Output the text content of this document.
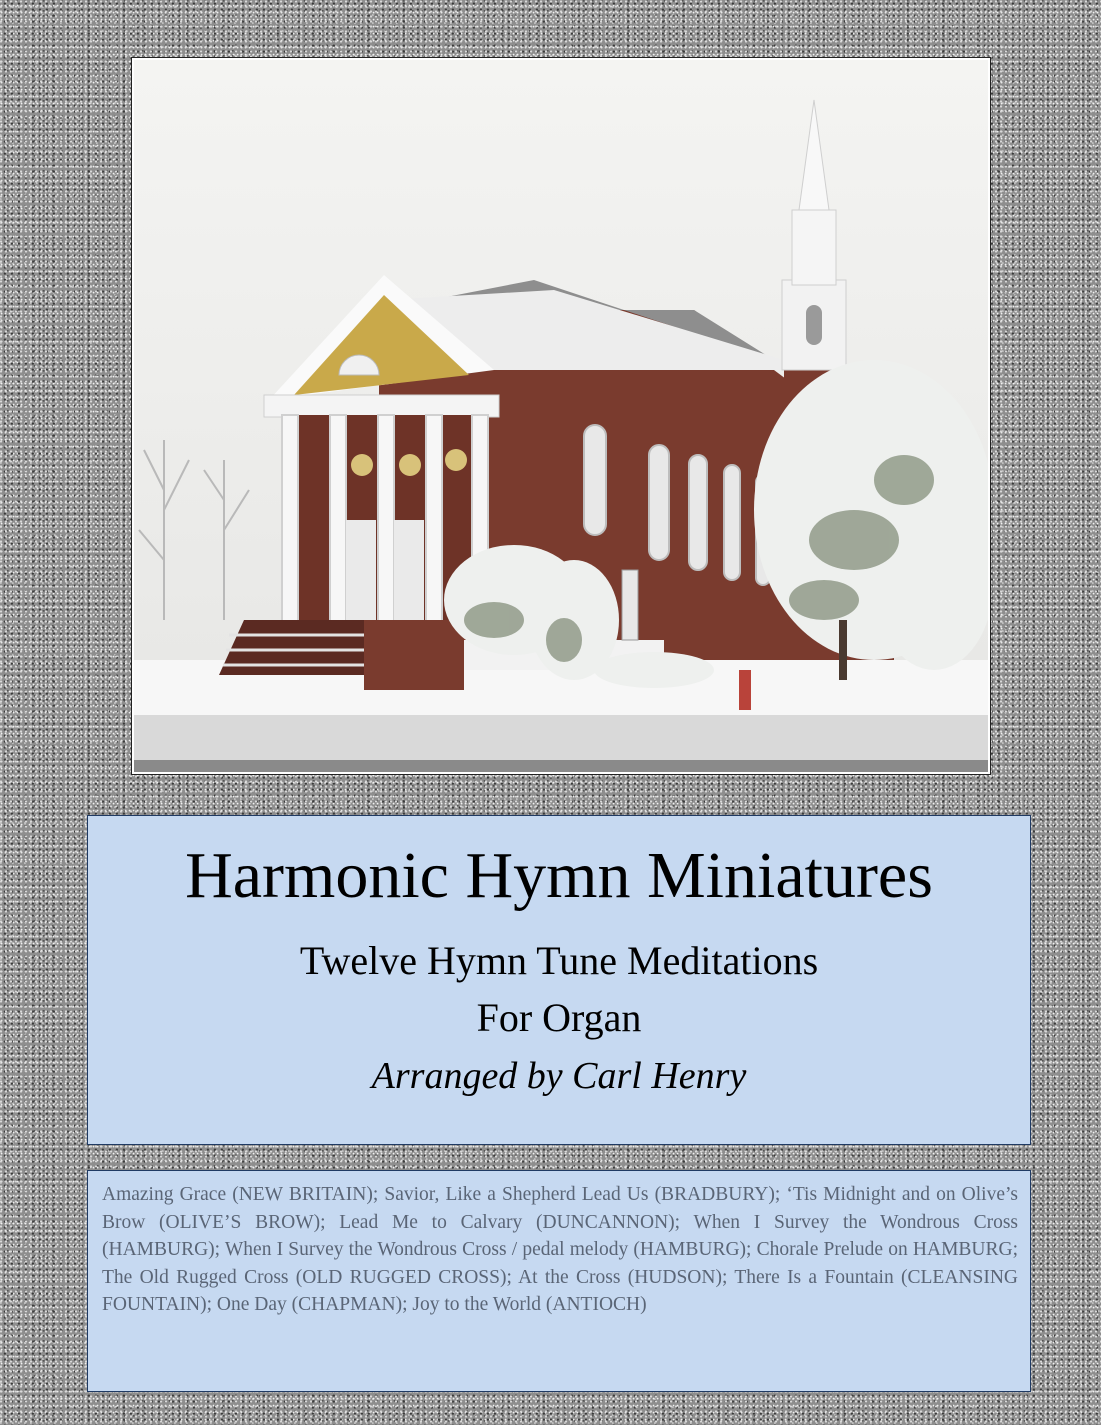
Harmonic Hymn Miniatures
Twelve Hymn Tune Meditations
For Organ
Arranged by Carl Henry

Amazing Grace (NEW BRITAIN); Savior, Like a Shepherd Lead Us (BRADBURY); ‘Tis Midnight and on Olive’s Brow (OLIVE’S BROW); Lead Me to Calvary (DUNCANNON); When I Survey the Wondrous Cross (HAMBURG); When I Survey the Wondrous Cross / pedal melody (HAMBURG); Chorale Prelude on HAMBURG; The Old Rugged Cross (OLD RUGGED CROSS); At the Cross (HUDSON); There Is a Fountain (CLEANSING FOUNTAIN); One Day (CHAPMAN); Joy to the World (ANTIOCH)
